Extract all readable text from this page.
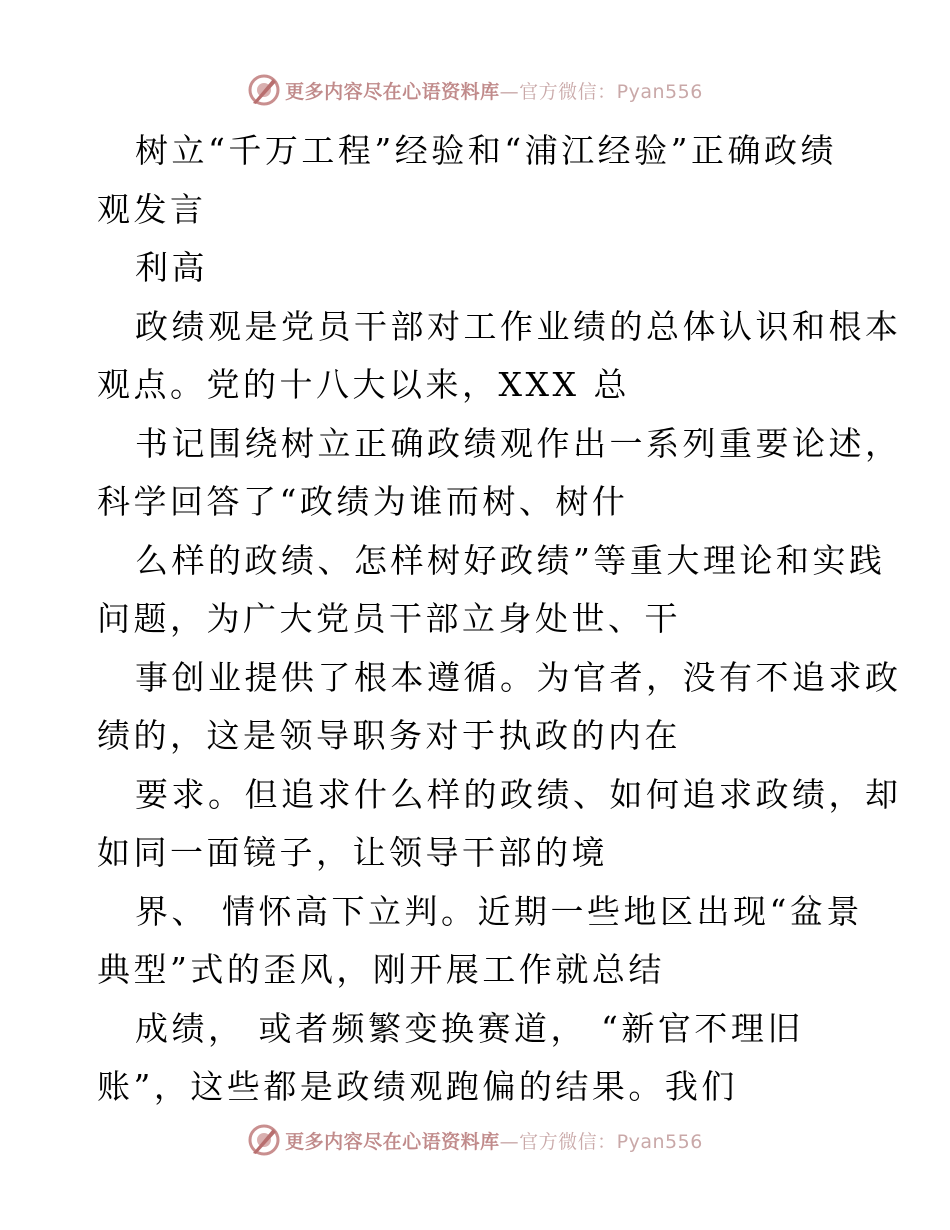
更多内容尽在心语资料库—官方微信：Pyan556
树立“千万工程”经验和“浦江经验”正确政绩
观发言
利高
政绩观是党员干部对工作业绩的总体认识和根本
观点。党的十八大以来，XXX 总
书记围绕树立正确政绩观作出一系列重要论述，
科学回答了“政绩为谁而树、树什
么样的政绩、怎样树好政绩”等重大理论和实践
问题，为广大党员干部立身处世、干
事创业提供了根本遵循。为官者，没有不追求政
绩的，这是领导职务对于执政的内在
要求。但追求什么样的政绩、如何追求政绩，却
如同一面镜子，让领导干部的境
界、 情怀高下立判。近期一些地区出现“盆景
典型”式的歪风，刚开展工作就总结
成绩， 或者频繁变换赛道， “新官不理旧
账”，这些都是政绩观跑偏的结果。我们
更多内容尽在心语资料库—官方微信：Pyan556
